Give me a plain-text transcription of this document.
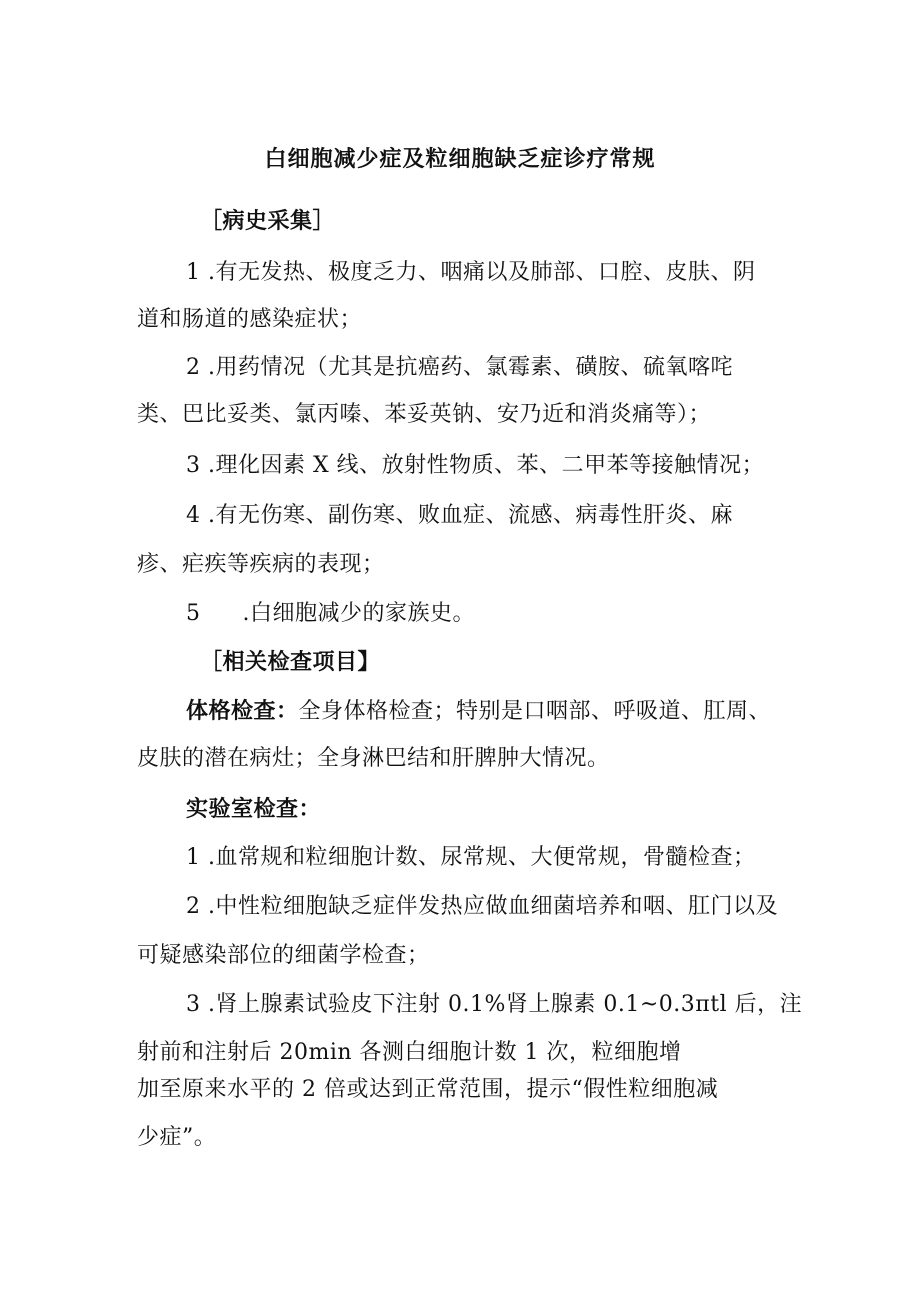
白细胞减少症及粒细胞缺乏症诊疗常规
［病史采集］
1 .有无发热、极度乏力、咽痛以及肺部、口腔、皮肤、阴
道和肠道的感染症状；
2 .用药情况（尤其是抗癌药、氯霉素、磺胺、硫氧喀咤
类、巴比妥类、氯丙嗪、苯妥英钠、安乃近和消炎痛等）；
3 .理化因素 X 线、放射性物质、苯、二甲苯等接触情况；
4 .有无伤寒、副伤寒、败血症、流感、病毒性肝炎、麻
疹、疟疾等疾病的表现；
5 .白细胞减少的家族史。
［相关检查项目】
体格检查：全身体格检查；特别是口咽部、呼吸道、肛周、
皮肤的潜在病灶；全身淋巴结和肝脾肿大情况。
实验室检查：
1 .血常规和粒细胞计数、尿常规、大便常规，骨髓检查；
2 .中性粒细胞缺乏症伴发热应做血细菌培养和咽、肛门以及
可疑感染部位的细菌学检查；
3 .肾上腺素试验皮下注射 0.1%肾上腺素 0.1~0.3πtl 后，注
射前和注射后 20min 各测白细胞计数 1 次，粒细胞增
加至原来水平的 2 倍或达到正常范围，提示“假性粒细胞减
少症”。
